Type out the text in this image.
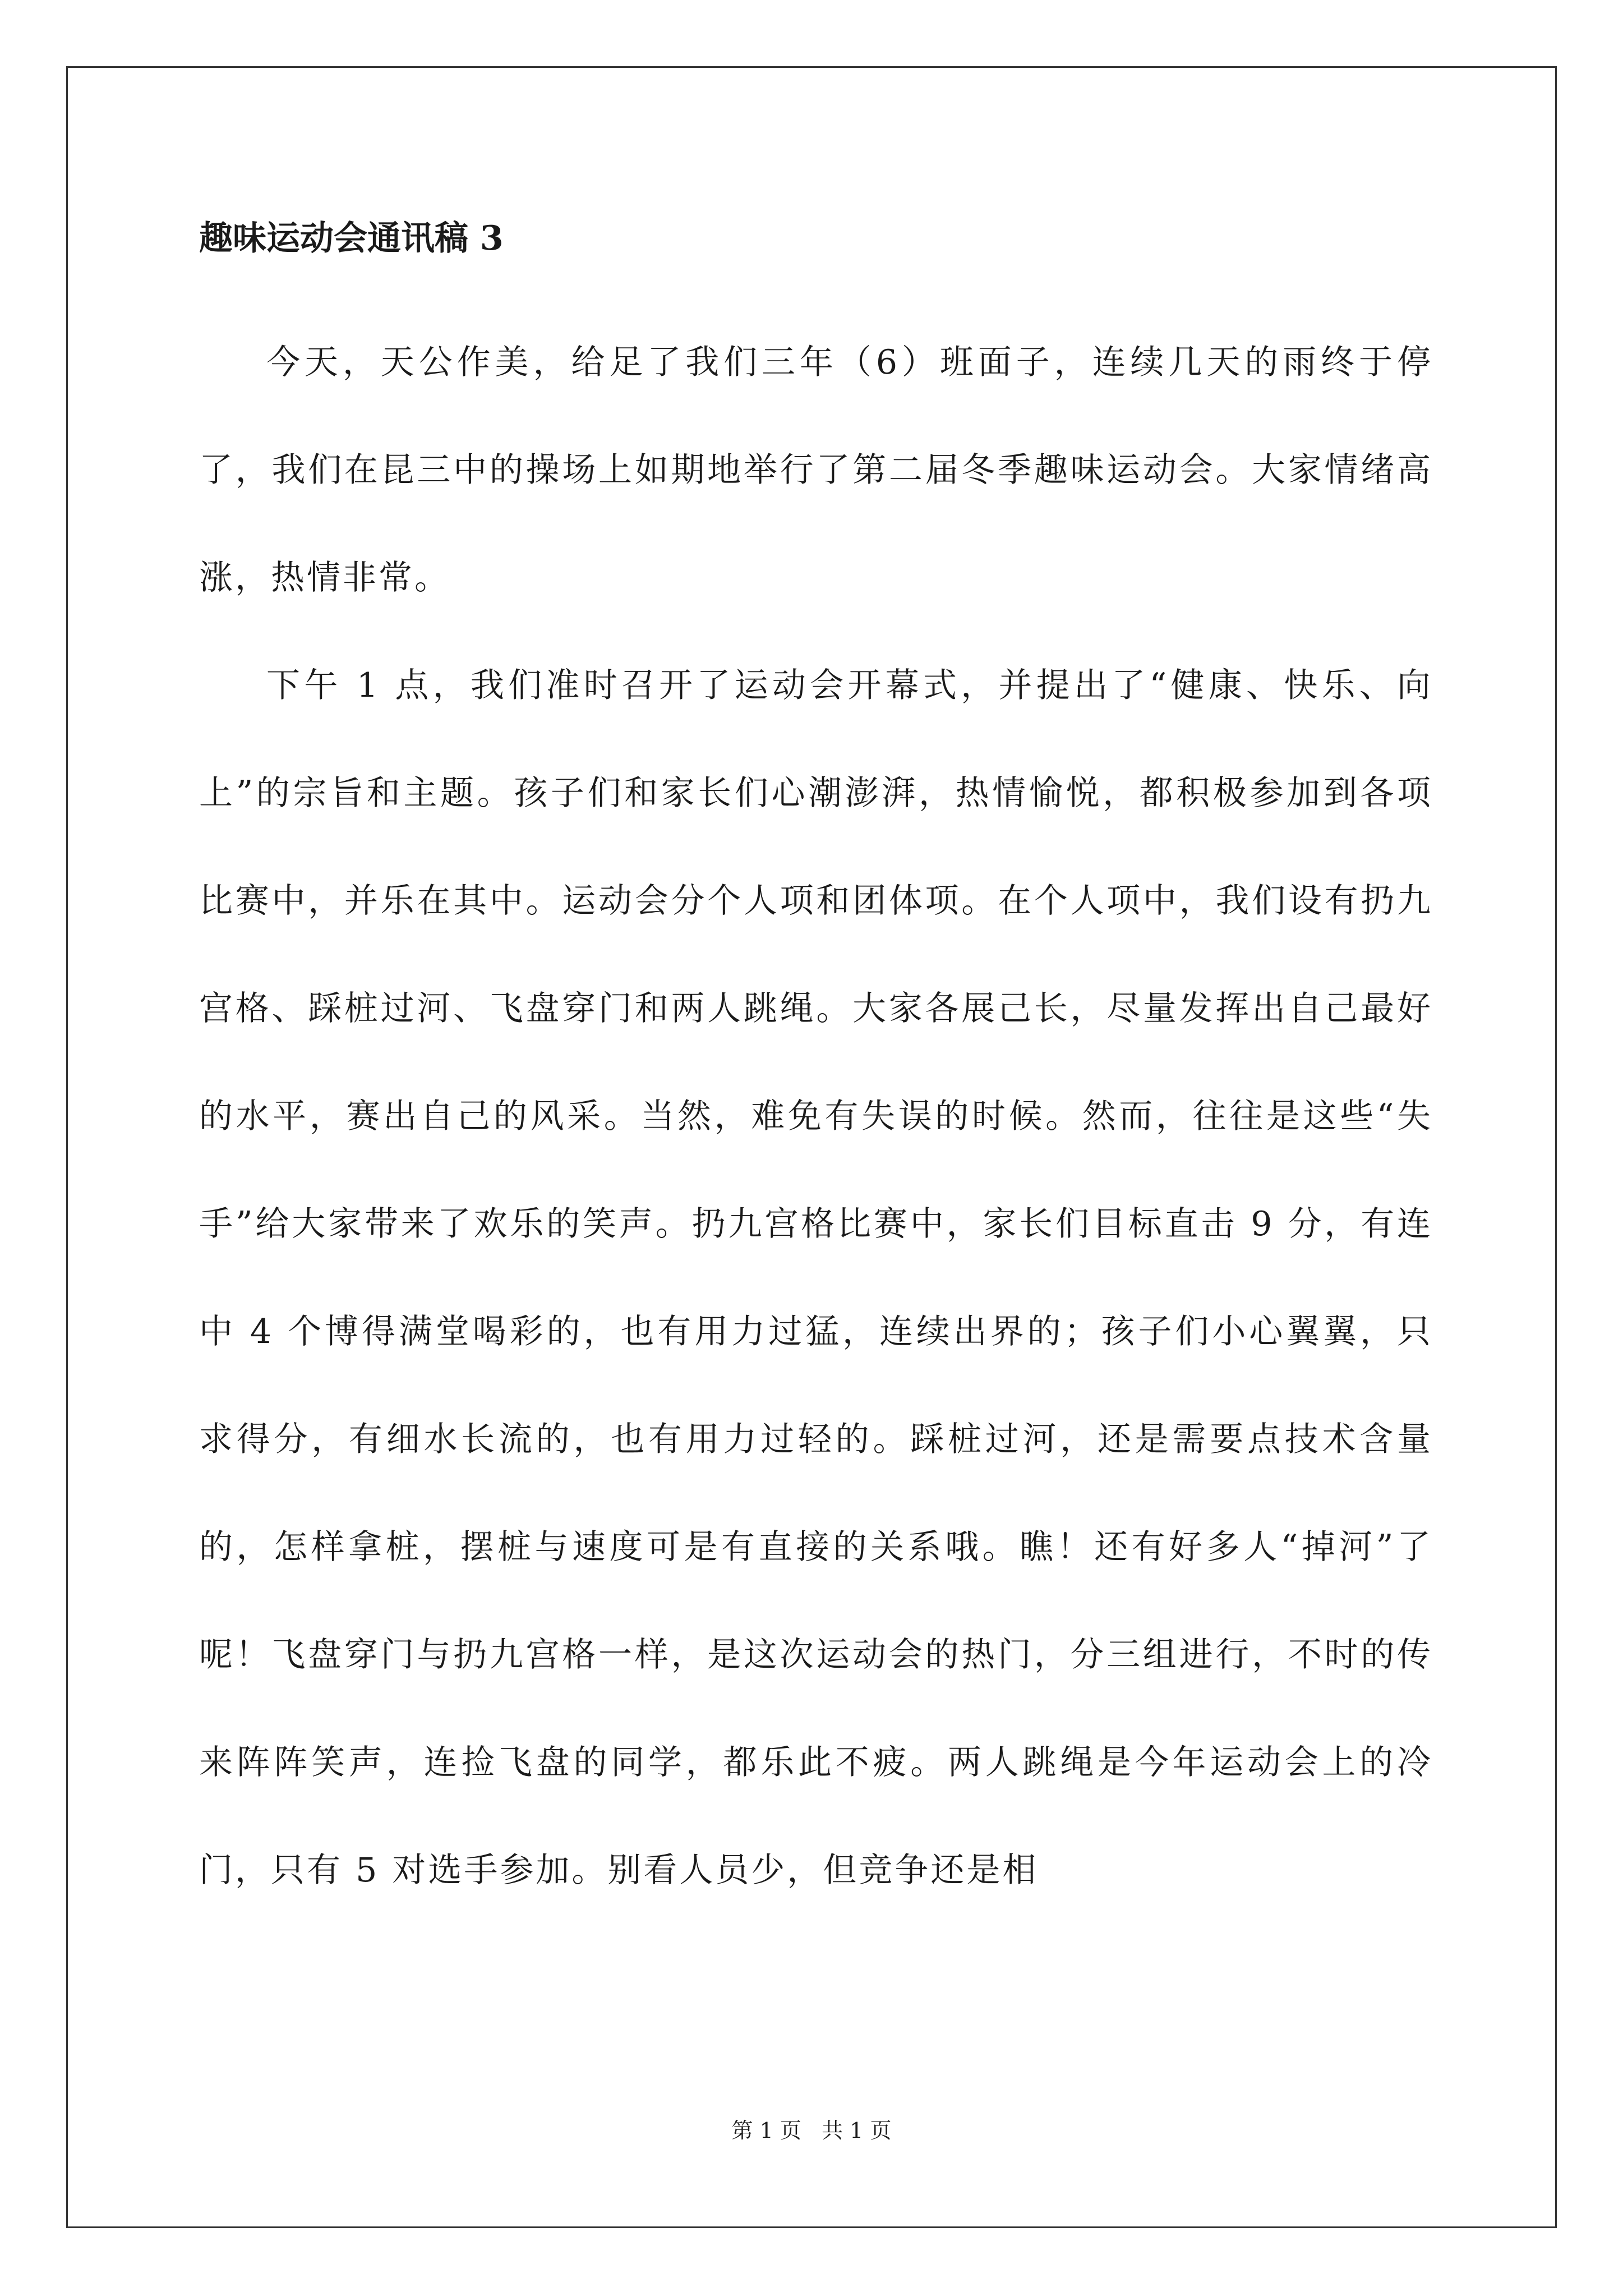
趣味运动会通讯稿 3

今天，天公作美，给足了我们三年（6）班面子，连续几天的雨终于停了，我们在昆三中的操场上如期地举行了第二届冬季趣味运动会。大家情绪高涨，热情非常。

下午 1 点，我们准时召开了运动会开幕式，并提出了“健康、快乐、向上”的宗旨和主题。孩子们和家长们心潮澎湃，热情愉悦，都积极参加到各项比赛中，并乐在其中。运动会分个人项和团体项。在个人项中，我们设有扔九宫格、踩桩过河、飞盘穿门和两人跳绳。大家各展己长，尽量发挥出自己最好的水平，赛出自己的风采。当然，难免有失误的时候。然而，往往是这些“失手”给大家带来了欢乐的笑声。扔九宫格比赛中，家长们目标直击 9 分，有连中 4 个博得满堂喝彩的，也有用力过猛，连续出界的；孩子们小心翼翼，只求得分，有细水长流的，也有用力过轻的。踩桩过河，还是需要点技术含量的，怎样拿桩，摆桩与速度可是有直接的关系哦。瞧！还有好多人“掉河”了呢！飞盘穿门与扔九宫格一样，是这次运动会的热门，分三组进行，不时的传来阵阵笑声，连捡飞盘的同学，都乐此不疲。两人跳绳是今年运动会上的冷门，只有 5 对选手参加。别看人员少，但竞争还是相

第 1 页   共 1 页
